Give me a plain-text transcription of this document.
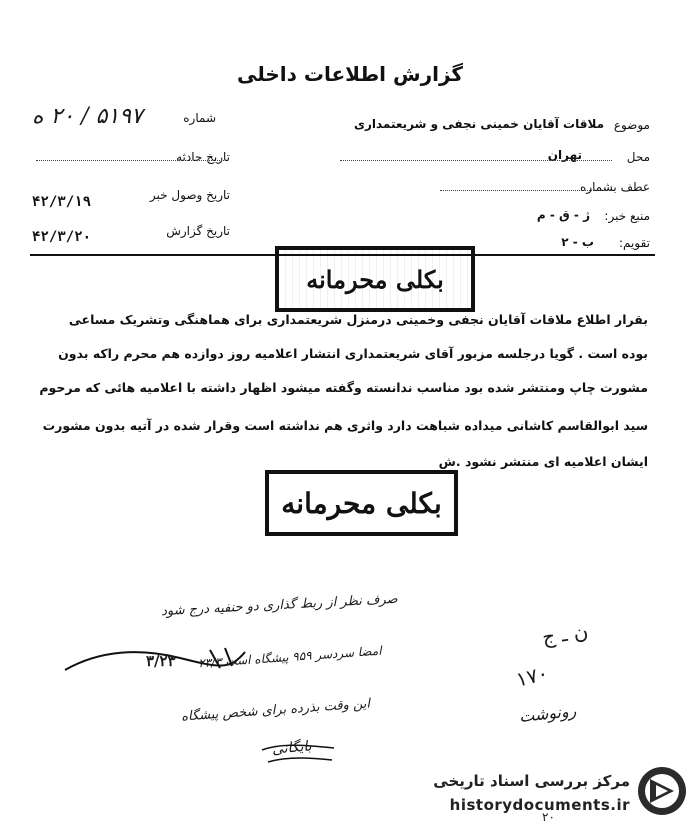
گزارش اطلاعات داخلی
شماره
۵۱۹۷ / ۲۰ ه
تاریخ حادثه
تاریخ وصول خبر
۴۲/۳/۱۹
تاریخ گزارش
۴۲/۳/۲۰
موضوع
ملاقات آقایان خمینی نجفی و شریعتمداری
محل
تهران
عطف بشماره
منبع خبر:
ژ - ق - م
تقویم:
ب - ۲
بکلی محرمانه
بقرار اطلاع ملاقات آقایان نجفی وخمینی درمنزل شریعتمداری برای هماهنگی وتشریک مساعی
بوده است . گویا درجلسه مزبور آقای شریعتمداری انتشار اعلامیه روز دوازده هم محرم راکه بدون
مشورت چاپ ومنتشر شده بود مناسب ندانسته وگفته میشود اظهار داشته با اعلامیه هائی که مرحوم
سید ابوالقاسم کاشانی میداده شباهت دارد واثری هم نداشته است وقرار شده در آتیه بدون مشورت
ایشان اعلامیه ای منتشر نشود .ش
بکلی محرمانه
صرف نظر از ربط گذاری دو حنفیه درج شود
۳/۲۳ امضا سردسر ۹۵۹ پیشگاه است ۲۳/۳
این وقت بذرده برای شخص پیشگاه
ن ـ ج
۱۷۰
رونوشت
بایگانی
۲۰
مرکز بررسی اسناد تاریخی
historydocuments.ir
